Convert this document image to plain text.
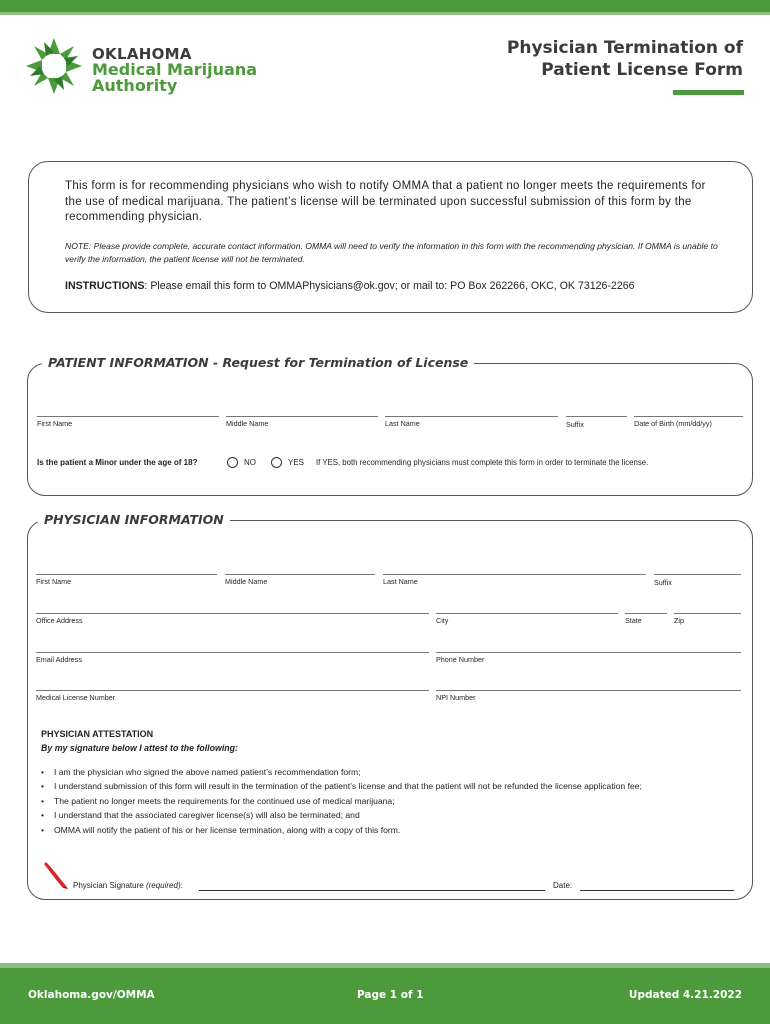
OKLAHOMA
Medical Marijuana
Authority
Physician Termination of
Patient License Form
This form is for recommending physicians who wish to notify OMMA that a patient no longer meets the requirements for the use of medical marijuana. The patient’s license will be terminated upon successful submission of this form by the recommending physician.
NOTE: Please provide complete, accurate contact information. OMMA will need to verify the information in this form with the recommending physician. If OMMA is unable to verify the information, the patient license will not be terminated.
INSTRUCTIONS: Please email this form to OMMAPhysicians@ok.gov; or mail to: PO Box 262266, OKC, OK 73126-2266
PATIENT INFORMATION - Request for Termination of License
First Name	Middle Name	Last Name	Suffix	Date of Birth (mm/dd/yy)
Is the patient a Minor under the age of 18?	NO	YES If YES, both recommending physicians must complete this form in order to terminate the license.
PHYSICIAN INFORMATION
First Name	Middle Name	Last Name	Suffix
Office Address	City	State	Zip
Email Address	Phone Number
Medical License Number	NPI Number
PHYSICIAN ATTESTATION
By my signature below I attest to the following:
• I am the physician who signed the above named patient’s recommendation form;
• I understand submission of this form will result in the termination of the patient’s license and that the patient will not be refunded the license application fee;
• The patient no longer meets the requirements for the continued use of medical marijuana;
• I understand that the associated caregiver license(s) will also be terminated; and
• OMMA will notify the patient of his or her license termination, along with a copy of this form.
Physician Signature (required):	Date:
Oklahoma.gov/OMMA	Page 1 of 1	Updated 4.21.2022
